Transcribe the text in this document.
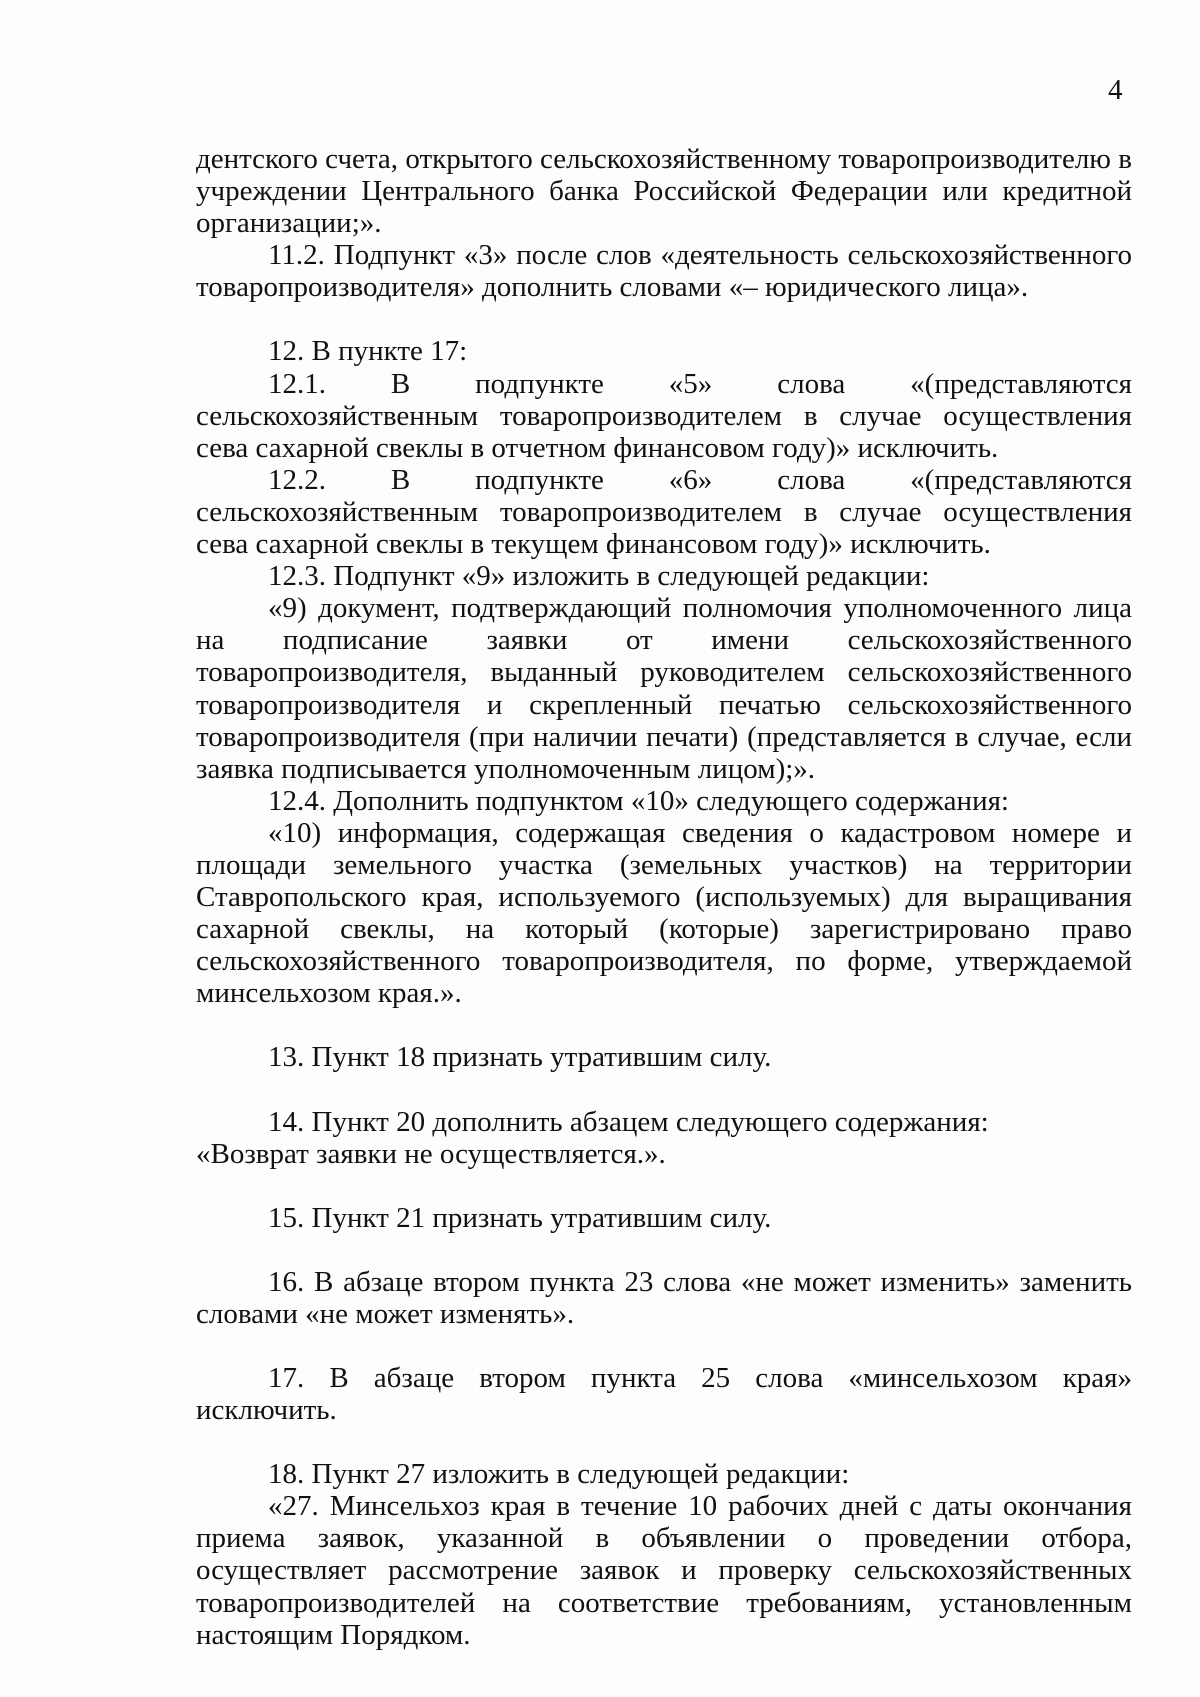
4

дентского счета, открытого сельскохозяйственному товаропроизводителю в учреждении Центрального банка Российской Федерации или кредитной организации;».

11.2. Подпункт «3» после слов «деятельность сельскохозяйственного товаропроизводителя» дополнить словами «– юридического лица».

12. В пункте 17:

12.1. В подпункте «5» слова «(представляются сельскохозяйственным товаропроизводителем в случае осуществления сева сахарной свеклы в отчетном финансовом году)» исключить.

12.2. В подпункте «6» слова «(представляются сельскохозяйственным товаропроизводителем в случае осуществления сева сахарной свеклы в текущем финансовом году)» исключить.

12.3. Подпункт «9» изложить в следующей редакции:

«9) документ, подтверждающий полномочия уполномоченного лица на подписание заявки от имени сельскохозяйственного товаропроизводителя, выданный руководителем сельскохозяйственного товаропроизводителя и скрепленный печатью сельскохозяйственного товаропроизводителя (при наличии печати) (представляется в случае, если заявка подписывается уполномоченным лицом);».

12.4. Дополнить подпунктом «10» следующего содержания:

«10) информация, содержащая сведения о кадастровом номере и площади земельного участка (земельных участков) на территории Ставропольского края, используемого (используемых) для выращивания сахарной свеклы, на который (которые) зарегистрировано право сельскохозяйственного товаропроизводителя, по форме, утверждаемой минсельхозом края.».

13. Пункт 18 признать утратившим силу.

14. Пункт 20 дополнить абзацем следующего содержания:

«Возврат заявки не осуществляется.».

15. Пункт 21 признать утратившим силу.

16. В абзаце втором пункта 23 слова «не может изменить» заменить словами «не может изменять».

17. В абзаце втором пункта 25 слова «минсельхозом края» исключить.

18. Пункт 27 изложить в следующей редакции:

«27. Минсельхоз края в течение 10 рабочих дней с даты окончания приема заявок, указанной в объявлении о проведении отбора, осуществляет рассмотрение заявок и проверку сельскохозяйственных товаропроизводителей на соответствие требованиям, установленным настоящим Порядком.
